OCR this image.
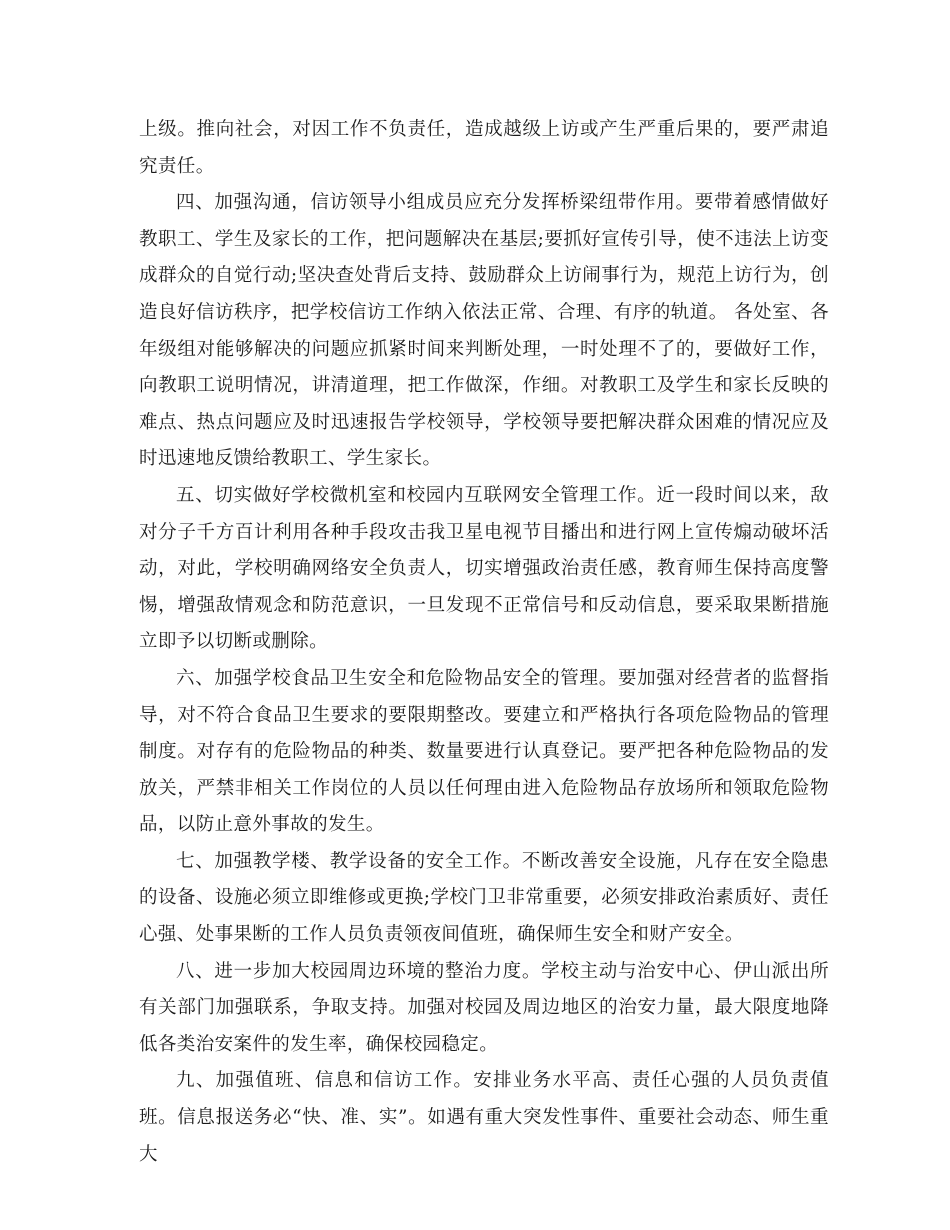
上级。推向社会，对因工作不负责任，造成越级上访或产生严重后果的，要严肃追究责任。

四、加强沟通，信访领导小组成员应充分发挥桥梁纽带作用。要带着感情做好教职工、学生及家长的工作，把问题解决在基层;要抓好宣传引导，使不违法上访变成群众的自觉行动;坚决查处背后支持、鼓励群众上访闹事行为，规范上访行为，创造良好信访秩序，把学校信访工作纳入依法正常、合理、有序的轨道。 各处室、各年级组对能够解决的问题应抓紧时间来判断处理，一时处理不了的，要做好工作，向教职工说明情况，讲清道理，把工作做深，作细。对教职工及学生和家长反映的难点、热点问题应及时迅速报告学校领导，学校领导要把解决群众困难的情况应及时迅速地反馈给教职工、学生家长。

五、切实做好学校微机室和校园内互联网安全管理工作。近一段时间以来，敌对分子千方百计利用各种手段攻击我卫星电视节目播出和进行网上宣传煽动破坏活动，对此，学校明确网络安全负责人，切实增强政治责任感，教育师生保持高度警惕，增强敌情观念和防范意识，一旦发现不正常信号和反动信息，要采取果断措施立即予以切断或删除。

六、加强学校食品卫生安全和危险物品安全的管理。要加强对经营者的监督指导，对不符合食品卫生要求的要限期整改。要建立和严格执行各项危险物品的管理制度。对存有的危险物品的种类、数量要进行认真登记。要严把各种危险物品的发放关，严禁非相关工作岗位的人员以任何理由进入危险物品存放场所和领取危险物品，以防止意外事故的发生。

七、加强教学楼、教学设备的安全工作。不断改善安全设施，凡存在安全隐患的设备、设施必须立即维修或更换;学校门卫非常重要，必须安排政治素质好、责任心强、处事果断的工作人员负责领夜间值班，确保师生安全和财产安全。

八、进一步加大校园周边环境的整治力度。学校主动与治安中心、伊山派出所有关部门加强联系，争取支持。加强对校园及周边地区的治安力量，最大限度地降低各类治安案件的发生率，确保校园稳定。

九、加强值班、信息和信访工作。安排业务水平高、责任心强的人员负责值班。信息报送务必“快、准、实”。如遇有重大突发性事件、重要社会动态、师生重大
